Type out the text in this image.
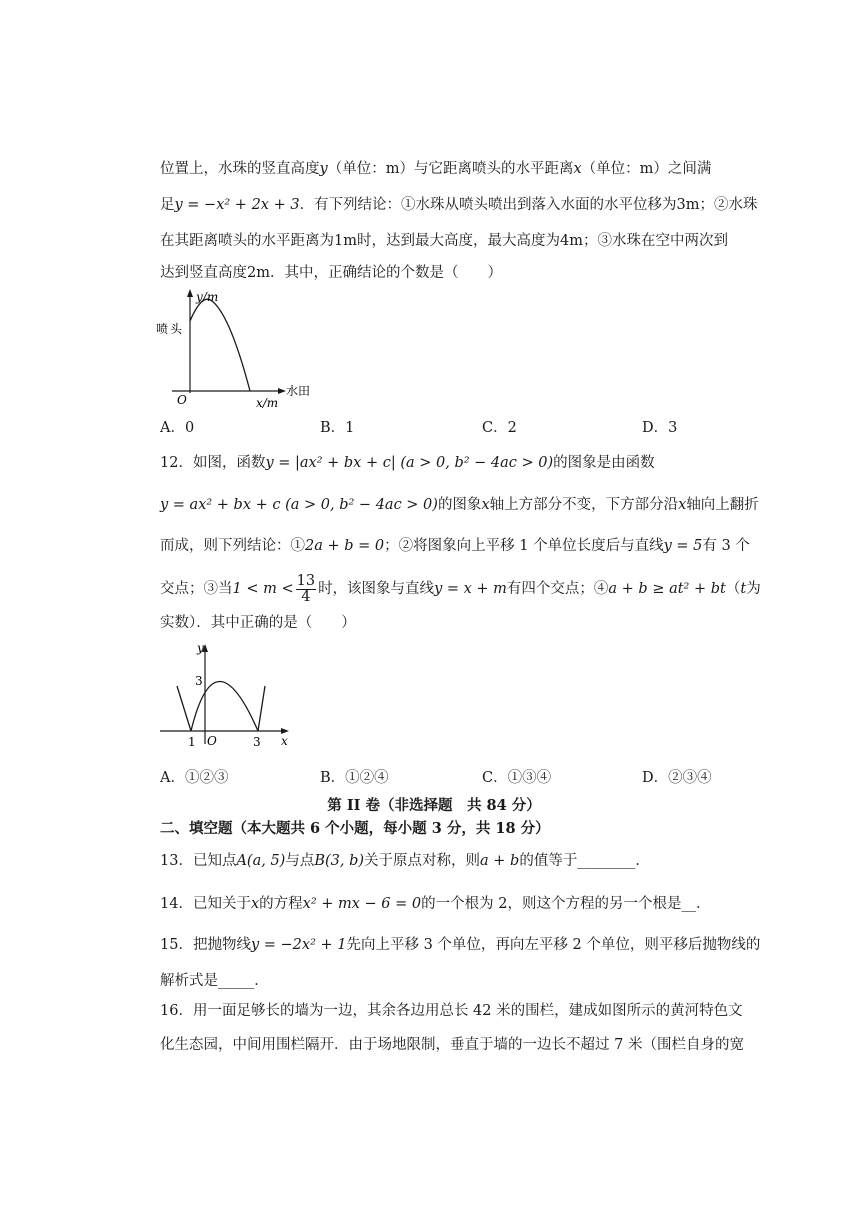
位置上，水珠的竖直高度y（单位：m）与它距离喷头的水平距离x（单位：m）之间满
足y = −x² + 2x + 3．有下列结论：①水珠从喷头喷出到落入水面的水平位移为3m；②水珠
在其距离喷头的水平距离为1m时，达到最大高度，最大高度为4m；③水珠在空中两次到
达到竖直高度2m．其中，正确结论的个数是（　　）
y/m
x/m
O
喷 头
水田
A．0	B．1	C．2	D．3
12．如图，函数y = |ax² + bx + c| (a > 0, b² − 4ac > 0)的图象是由函数
y = ax² + bx + c (a > 0, b² − 4ac > 0)的图象x轴上方部分不变，下方部分沿x轴向上翻折
而成，则下列结论：①2a + b = 0；②将图象向上平移 1 个单位长度后与直线y = 5有 3 个
交点；③当$1 < m < \frac{13}{4}$ 时，该图象与直线y = x + m有四个交点；④a + b ≥ at² + bt（t为
实数）．其中正确的是（　　）
y
x
O
3
1	3
A．①②③	B．①②④	C．①③④	D．②③④
第 II 卷（非选择题　共 84 分）
二、填空题（本大题共 6 个小题，每小题 3 分，共 18 分）
13．已知点A(a, 5)与点B(3, b)关于原点对称，则a + b的值等于________．
14．已知关于x的方程x² + mx − 6 = 0的一个根为 2，则这个方程的另一个根是__．
15．把抛物线y = −2x² + 1先向上平移 3 个单位，再向左平移 2 个单位，则平移后抛物线的
解析式是_____．
16．用一面足够长的墙为一边，其余各边用总长 42 米的围栏，建成如图所示的黄河特色文
化生态园，中间用围栏隔开．由于场地限制，垂直于墙的一边长不超过 7 米（围栏自身的宽
